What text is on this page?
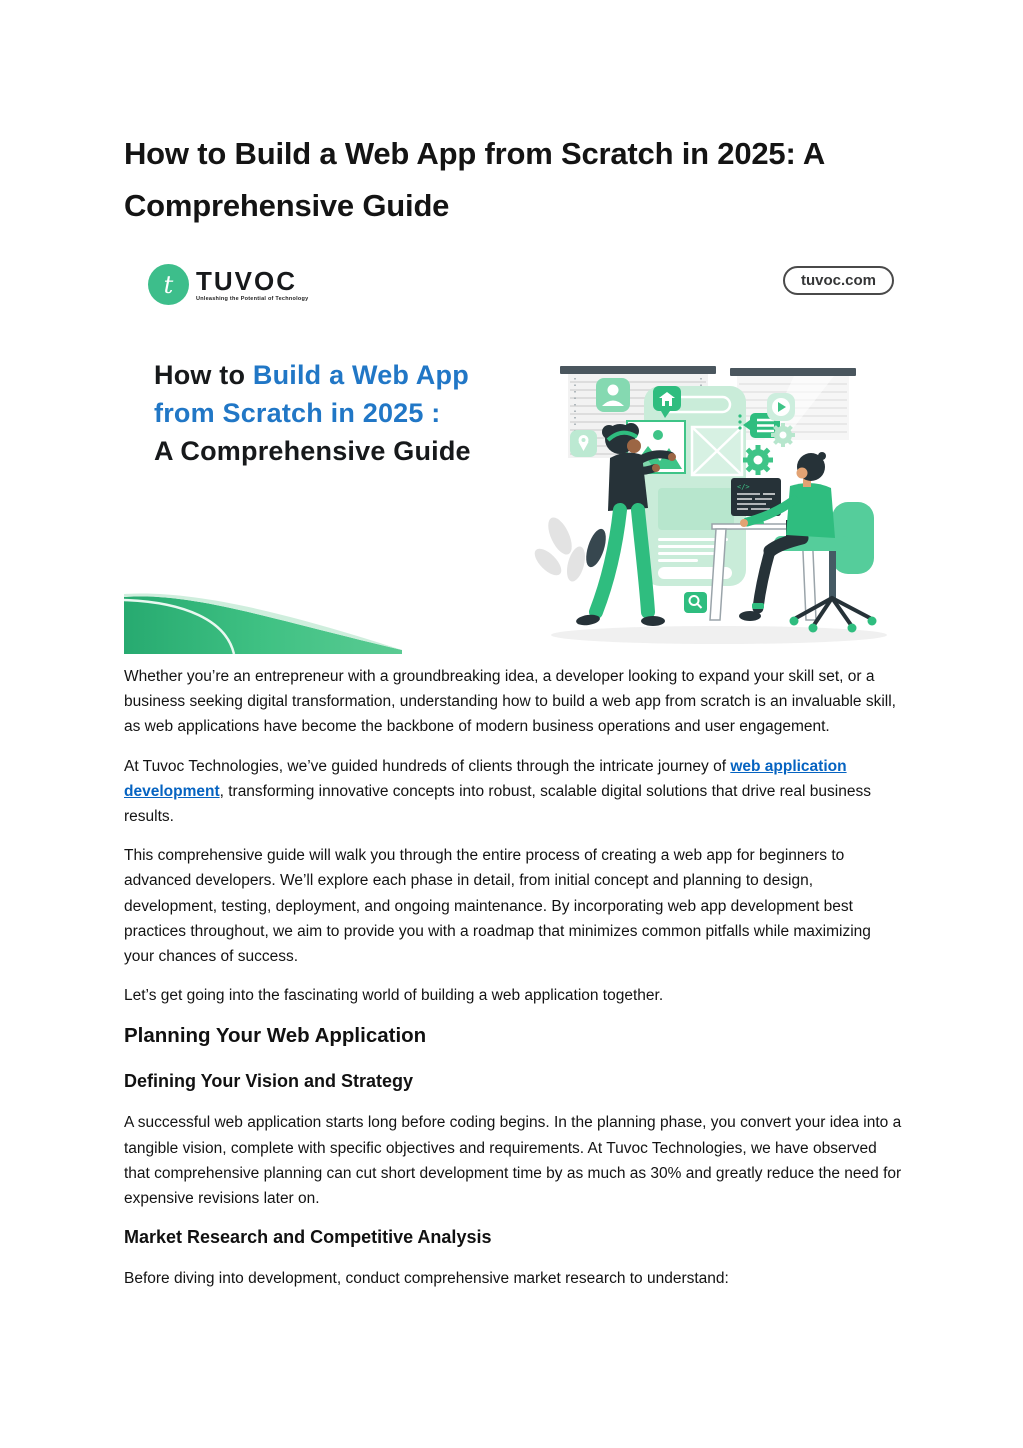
How to Build a Web App from Scratch in 2025: A Comprehensive Guide
t TUVOC
Unleashing the Potential of Technology
tuvoc.com
How to Build a Web App
from Scratch in 2025 :
A Comprehensive Guide
</>

Whether you’re an entrepreneur with a groundbreaking idea, a developer looking to expand your skill set, or a business seeking digital transformation, understanding how to build a web app from scratch is an invaluable skill, as web applications have become the backbone of modern business operations and user engagement.

At Tuvoc Technologies, we’ve guided hundreds of clients through the intricate journey of web application development, transforming innovative concepts into robust, scalable digital solutions that drive real business results.

This comprehensive guide will walk you through the entire process of creating a web app for beginners to advanced developers. We’ll explore each phase in detail, from initial concept and planning to design, development, testing, deployment, and ongoing maintenance. By incorporating web app development best practices throughout, we aim to provide you with a roadmap that minimizes common pitfalls while maximizing your chances of success.

Let’s get going into the fascinating world of building a web application together.

Planning Your Web Application
Defining Your Vision and Strategy

A successful web application starts long before coding begins. In the planning phase, you convert your idea into a tangible vision, complete with specific objectives and requirements. At Tuvoc Technologies, we have observed that comprehensive planning can cut short development time by as much as 30% and greatly reduce the need for expensive revisions later on.

Market Research and Competitive Analysis

Before diving into development, conduct comprehensive market research to understand:
